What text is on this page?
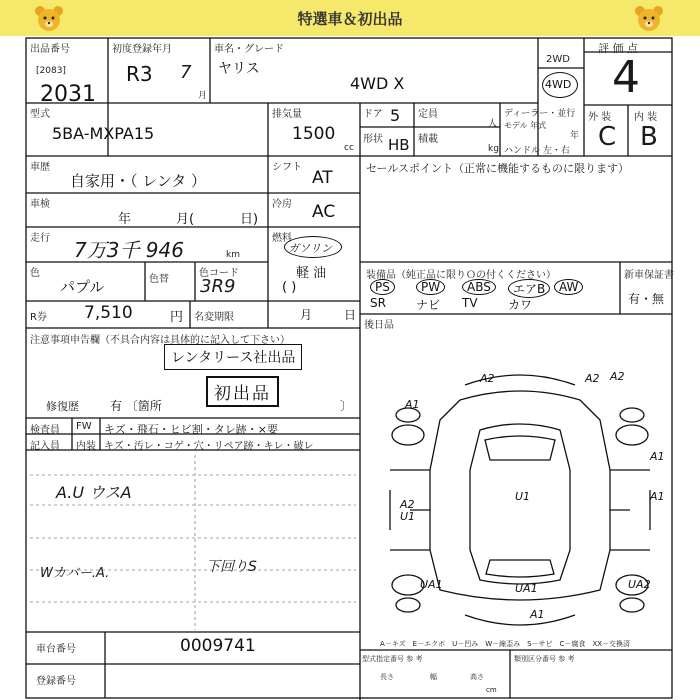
特選車＆初出品
出品番号
[2083]
2031
初度登録年月
R3 7
月
車名・グレード
ヤリス
4WD X
2WD
4WD
評 価 点
4
外 装 内 装
C B
型式
5BA-MXPA15
排気量
1500
cc
ドア 5
形状 HB
定員
人
積載
kg
ディーラー・並行
モデル 年式
年
ハンドル 左・右
車歴
自家用・（ レンタ ）
シフト
AT	セールスポイント（正常に機能するものに限ります）
車検
年	月(	日)
冷房 AC
走行 7万3千 946	km
燃料
ガソリン
軽 油
色
パプル	色替
色コード
3R9	( )
R券 7,510	円 名変期限	月	日
装備品（純正品に限りＯの付くください）
PS	PW	ABS	エアB	AW
SR	ナビ TV	カワ
新車保証書
有・無
後日品
注意事項申告欄（不具合内容は具体的に記入して下さい）
レンタリース社出品
初出品
修復歴	有 〔箇所	〕
検査員
記入員
FW キズ・飛石・ヒビ割・タレ跡・×要
内装 キズ・汚レ・コゲ・穴・リペア跡・キレ・破レ
A.U ウスA
Wカバー.A.	下回りS
A2	A2
A1
A1
A1
A2
U1
U1
UA1	UA1
A1
UA2
A2
車台番号	0009741
登録番号
A－キズ　E－エクボ　U－凹み　W－線歪み　S－サビ　C－腐食　XX－交換済
型式指定番号 参 考	類別区分番号 参 考
長さ	幅	高さ
cm
